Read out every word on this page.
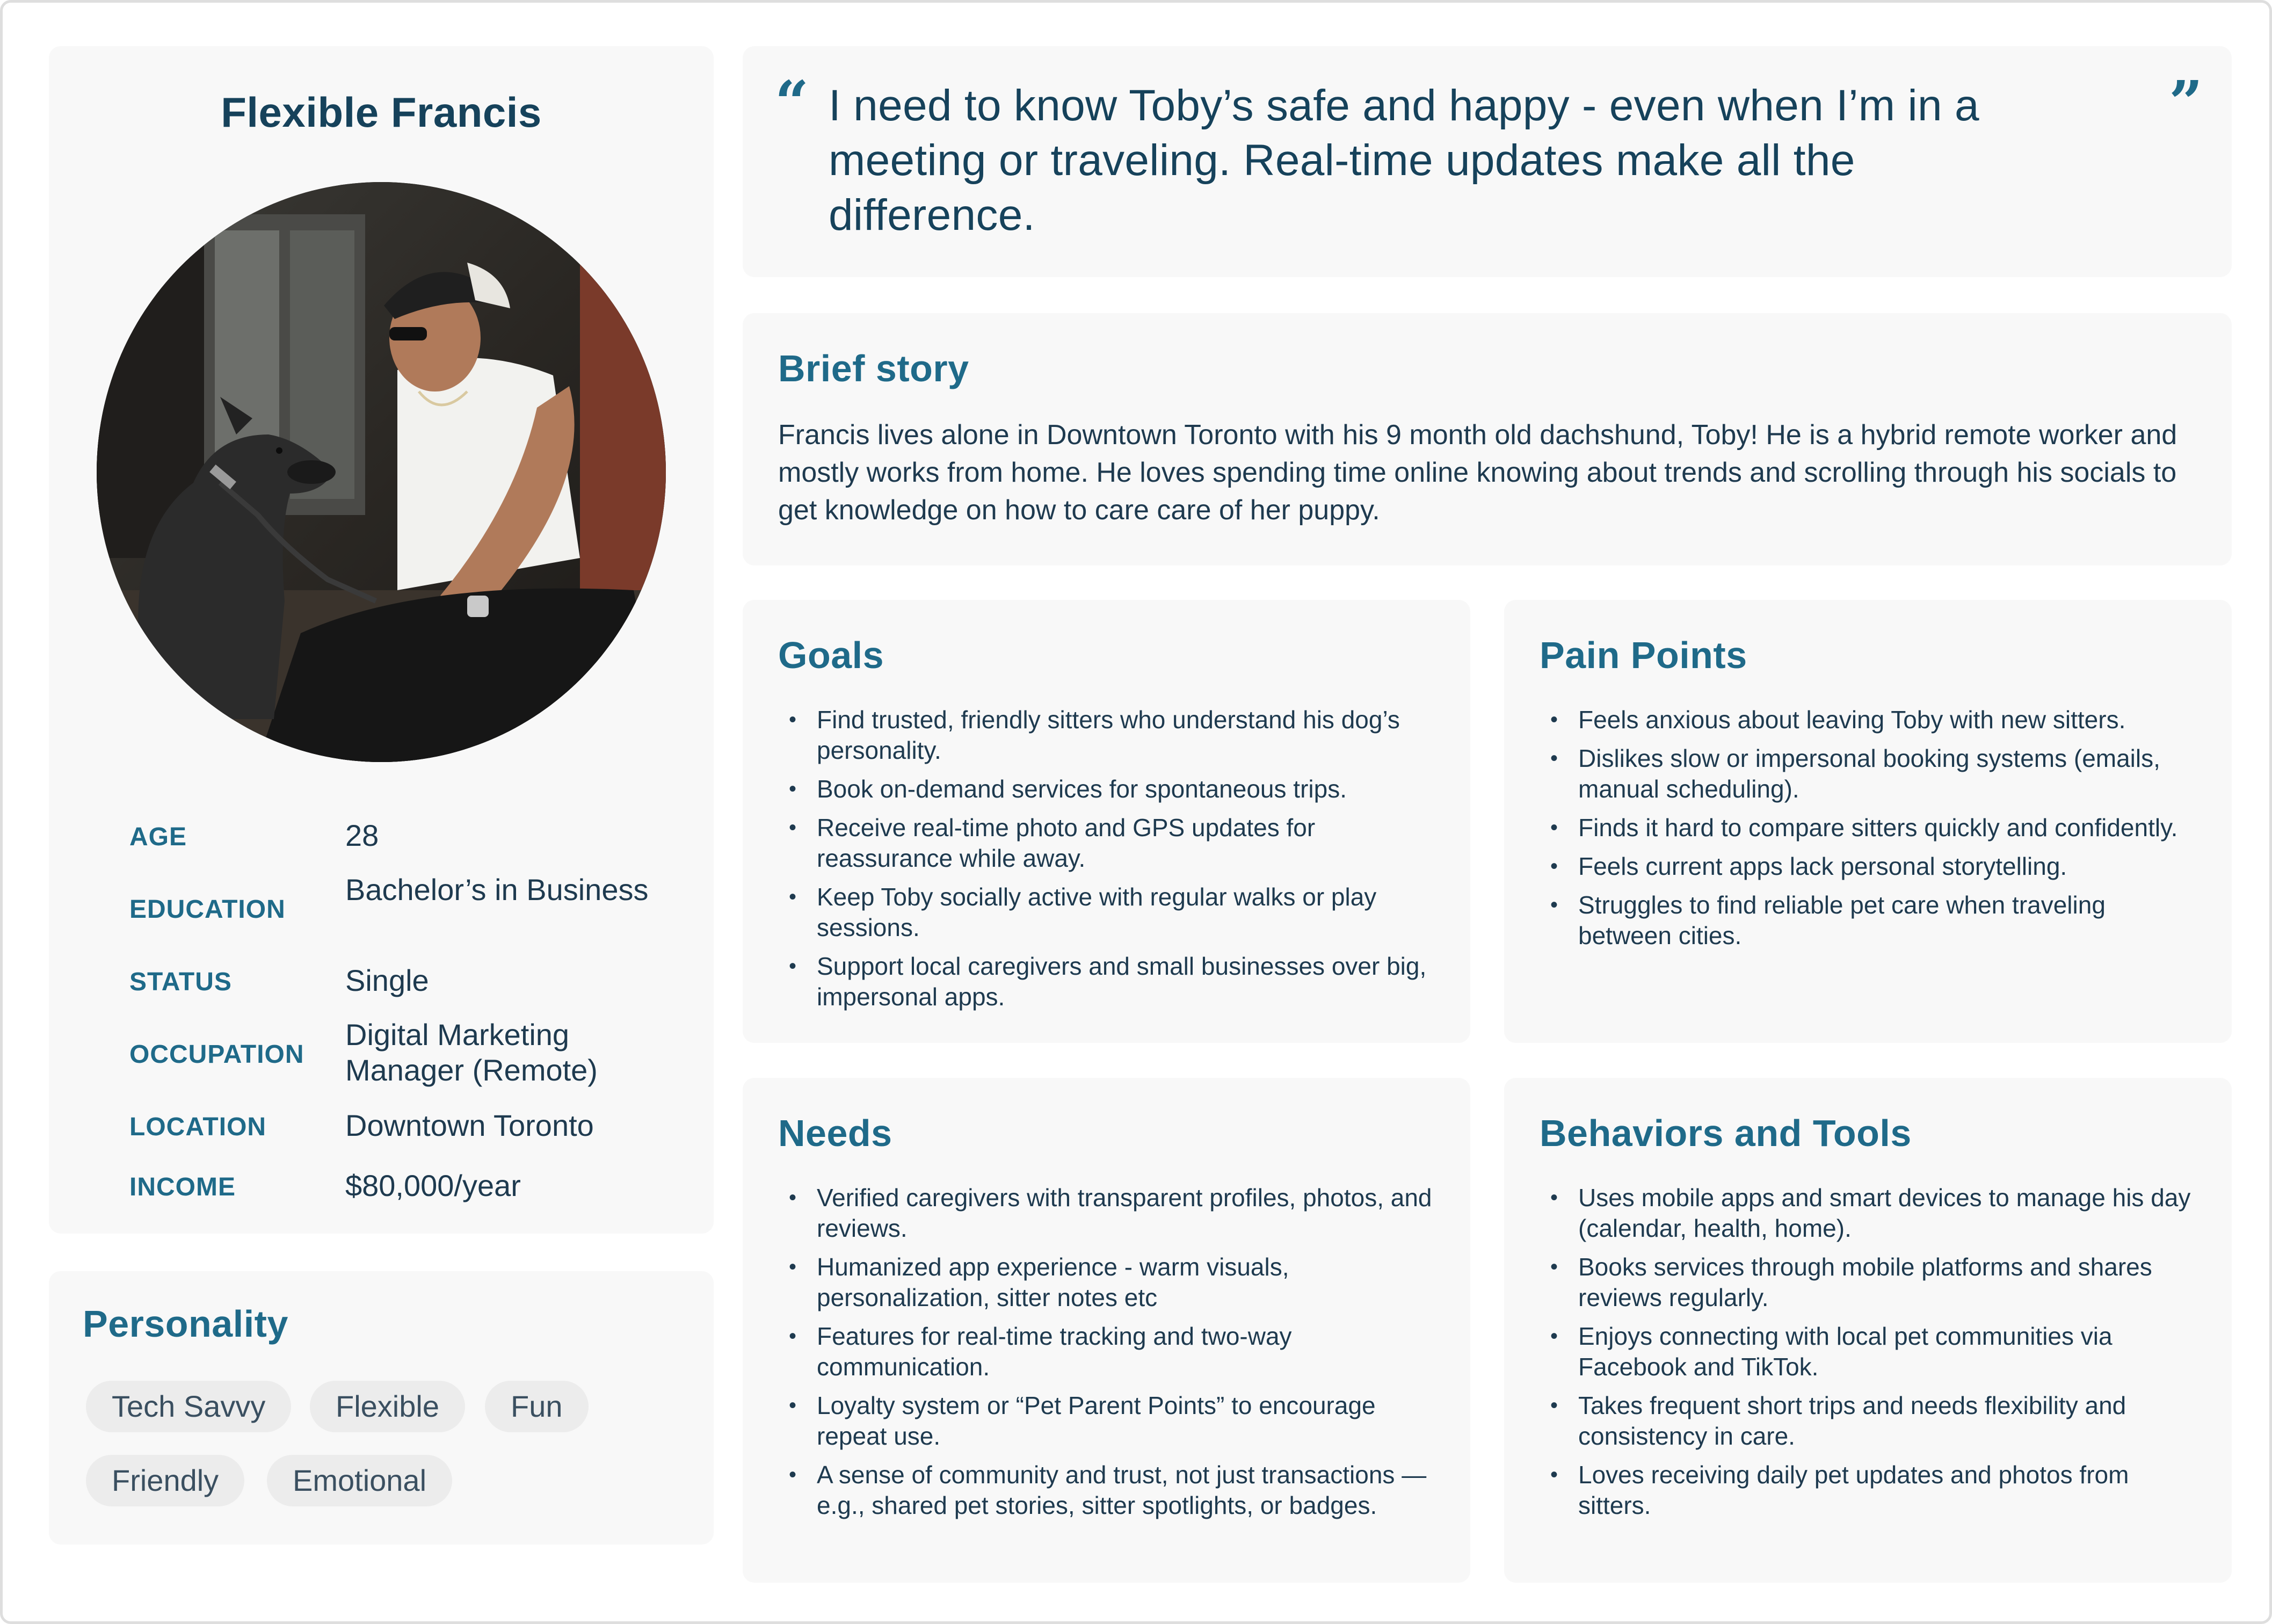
Flexible Francis
AGE	28
EDUCATION
Bachelor’s in Business
STATUS	Single
OCCUPATION
Digital Marketing Manager (Remote)
LOCATION	Downtown Toronto
INCOME	$80,000/year
Personality
Tech Savvy	Flexible	Fun
Friendly	Emotional
“ I need to know Toby’s safe and happy - even when I’m in a meeting or traveling. Real-time updates make all the difference.
”
Brief story
Francis lives alone in Downtown Toronto with his 9 month old dachshund, Toby! He is a hybrid remote worker and mostly works from home. He loves spending time online knowing about trends and scrolling through his socials to get knowledge on how to care care of her puppy.
Goals
• Find trusted, friendly sitters who understand his dog’s personality.
• Book on-demand services for spontaneous trips.
• Receive real-time photo and GPS updates for reassurance while away.
• Keep Toby socially active with regular walks or play sessions.
• Support local caregivers and small businesses over big, impersonal apps.
Pain Points
• Feels anxious about leaving Toby with new sitters.
• Dislikes slow or impersonal booking systems (emails, manual scheduling).
• Finds it hard to compare sitters quickly and confidently.
• Feels current apps lack personal storytelling.
• Struggles to find reliable pet care when traveling between cities.
Needs
• Verified caregivers with transparent profiles, photos, and reviews.
• Humanized app experience - warm visuals, personalization, sitter notes etc
• Features for real-time tracking and two-way communication.
• Loyalty system or “Pet Parent Points” to encourage repeat use.
• A sense of community and trust, not just transactions — e.g., shared pet stories, sitter spotlights, or badges.
Behaviors and Tools
• Uses mobile apps and smart devices to manage his day (calendar, health, home).
• Books services through mobile platforms and shares reviews regularly.
• Enjoys connecting with local pet communities via Facebook and TikTok.
• Takes frequent short trips and needs flexibility and consistency in care.
• Loves receiving daily pet updates and photos from sitters.
